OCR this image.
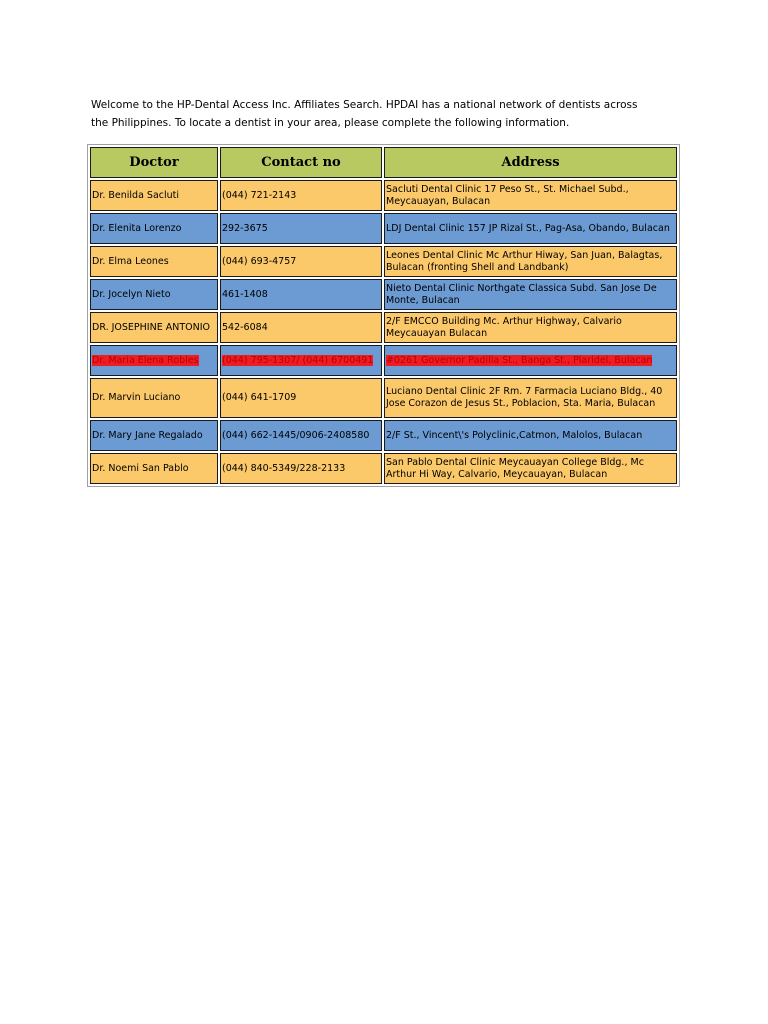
Welcome to the HP-Dental Access Inc. Affiliates Search. HPDAI has a national network of dentists across the Philippines. To locate a dentist in your area, please complete the following information.

Doctor	Contact no	Address
Dr. Benilda Sacluti	(044) 721-2143	Sacluti Dental Clinic 17 Peso St., St. Michael Subd., Meycauayan, Bulacan
Dr. Elenita Lorenzo	292-3675	LDJ Dental Clinic 157 JP Rizal St., Pag-Asa, Obando, Bulacan
Dr. Elma Leones	(044) 693-4757	Leones Dental Clinic Mc Arthur Hiway, San Juan, Balagtas, Bulacan (fronting Shell and Landbank)
Dr. Jocelyn Nieto	461-1408	Nieto Dental Clinic Northgate Classica Subd. San Jose De Monte, Bulacan
DR. JOSEPHINE ANTONIO	542-6084	2/F EMCCO Building Mc. Arthur Highway, Calvario Meycauayan Bulacan
Dr. Maria Elena Robles	(044) 795-1307/ (044) 6700491	#0261 Governor Padilla St., Banga St., Plaridel, Bulacan
Dr. Marvin Luciano	(044) 641-1709	Luciano Dental Clinic 2F Rm. 7 Farmacia Luciano Bldg., 40 Jose Corazon de Jesus St., Poblacion, Sta. Maria, Bulacan
Dr. Mary Jane Regalado	(044) 662-1445/0906-2408580	2/F St., Vincent\'s Polyclinic,Catmon, Malolos, Bulacan
Dr. Noemi San Pablo	(044) 840-5349/228-2133	San Pablo Dental Clinic Meycauayan College Bldg., Mc Arthur Hi Way, Calvario, Meycauayan, Bulacan
